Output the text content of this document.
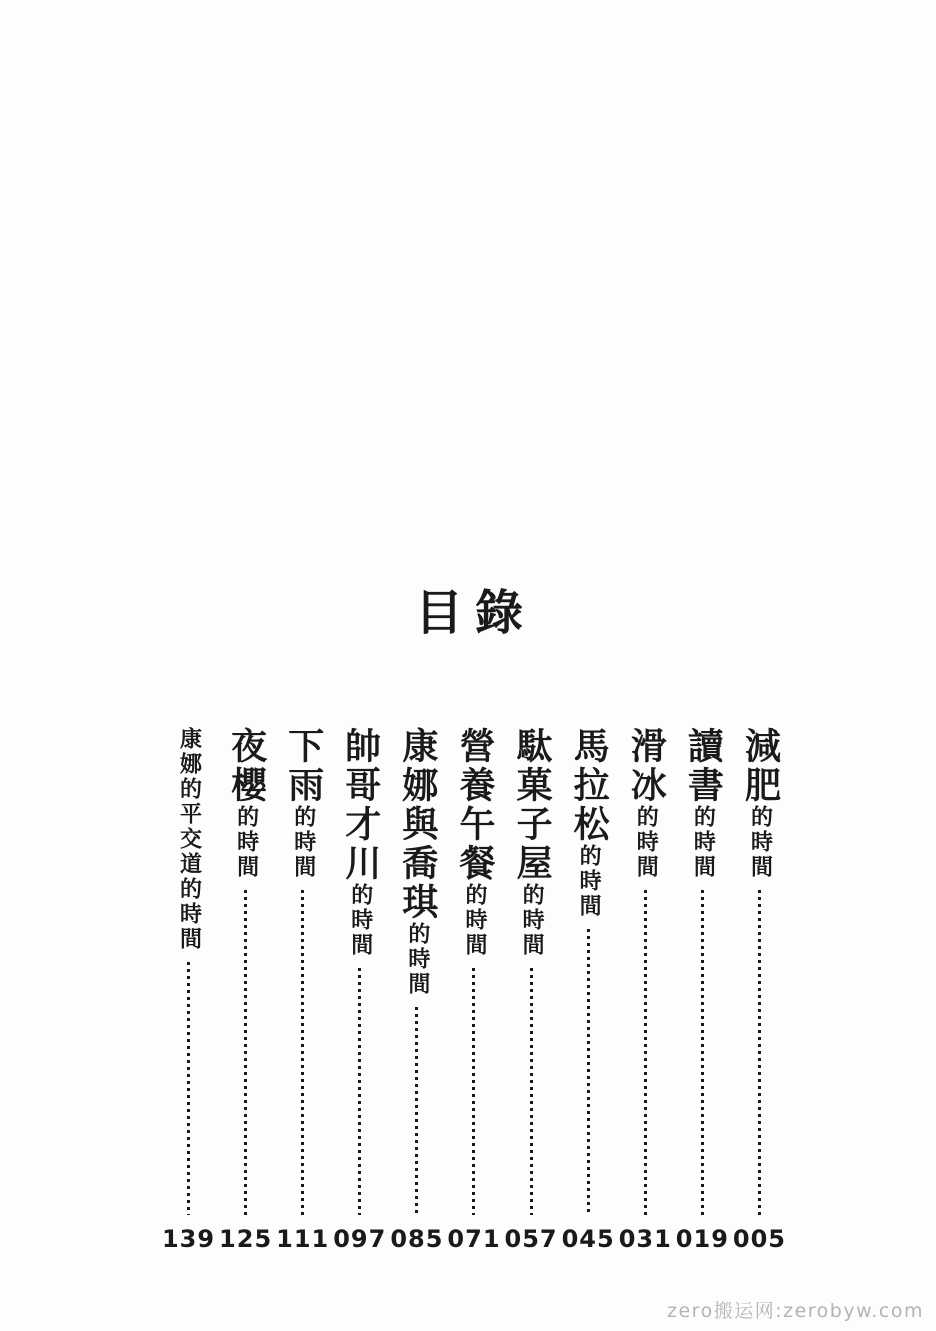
目錄
減肥的時間
005
讀書的時間
019
滑冰的時間
031
馬拉松的時間
045
駄菓子屋的時間
057
營養午餐的時間
071
康娜與喬琪的時間
085
帥哥才川的時間
097
下雨的時間
111
夜櫻的時間
125
康娜的平交道的時間
139
zero搬运网:zerobyw.com
